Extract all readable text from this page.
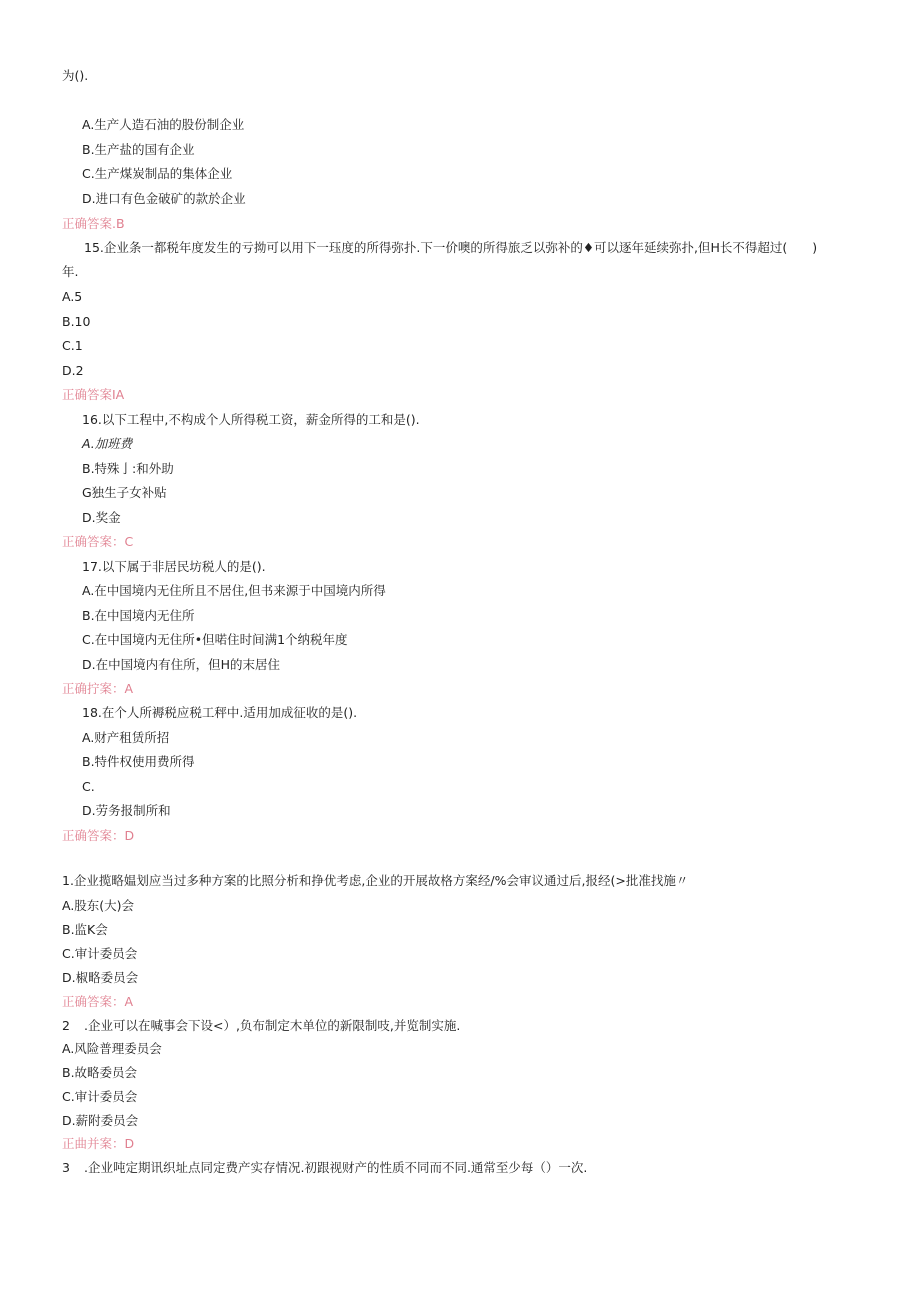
为().
A.生产人造石油的股份制企业
B.生产盐的国有企业
C.生产煤炭制品的集体企业
D.进口有色金破矿的款於企业
正确答案.B
15.企业条一都税年度发生的亏拗可以用下一珏度的所得弥扑.下一价噢的所得旅乏以弥补的♦可以逐年延续弥扑,但H长不得超过(　　)
年.
A.5
B.10
C.1
D.2
正确答案IA
16.以下工程中,不构成个人所得税工资，薪金所得的工和是().
A.加班费
B.特殊亅:和外助
G独生子女补贴
D.奖金
正确答案：C
17.以下属于非居民坊税人的是().
A.在中国境内无住所且不居住,但书来源于中国境内所得
B.在中国境内无住所
C.在中国境内无住所•但喏住时间满1个纳税年度
D.在中国境内有住所，但H的末居住
正确拧案：A
18.在个人所褥税应税工秤中.适用加成征收的是().
A.财产租赁所招
B.特件权使用费所得
C.
D.劳务报制所和
正确答案：D
1.企业揽略媪划应当过多种方案的比照分析和挣优考虑,企业的开展故格方案经/%会审议通过后,报经(>批准找施〃
A.股东(大)会
B.监K会
C.审计委员会
D.椒略委员会
正确答案：A
2 .企业可以在喊事会下设<）,负布制定木单位的新限制吱,并览制实施.
A.风险普理委员会
B.故略委员会
C.审计委员会
D.薪附委员会
正曲并案：D
3 .企业吨定期讯织址点同定费产实存情况.初跟视财产的性质不同而不同.通常至少每（）一次.
